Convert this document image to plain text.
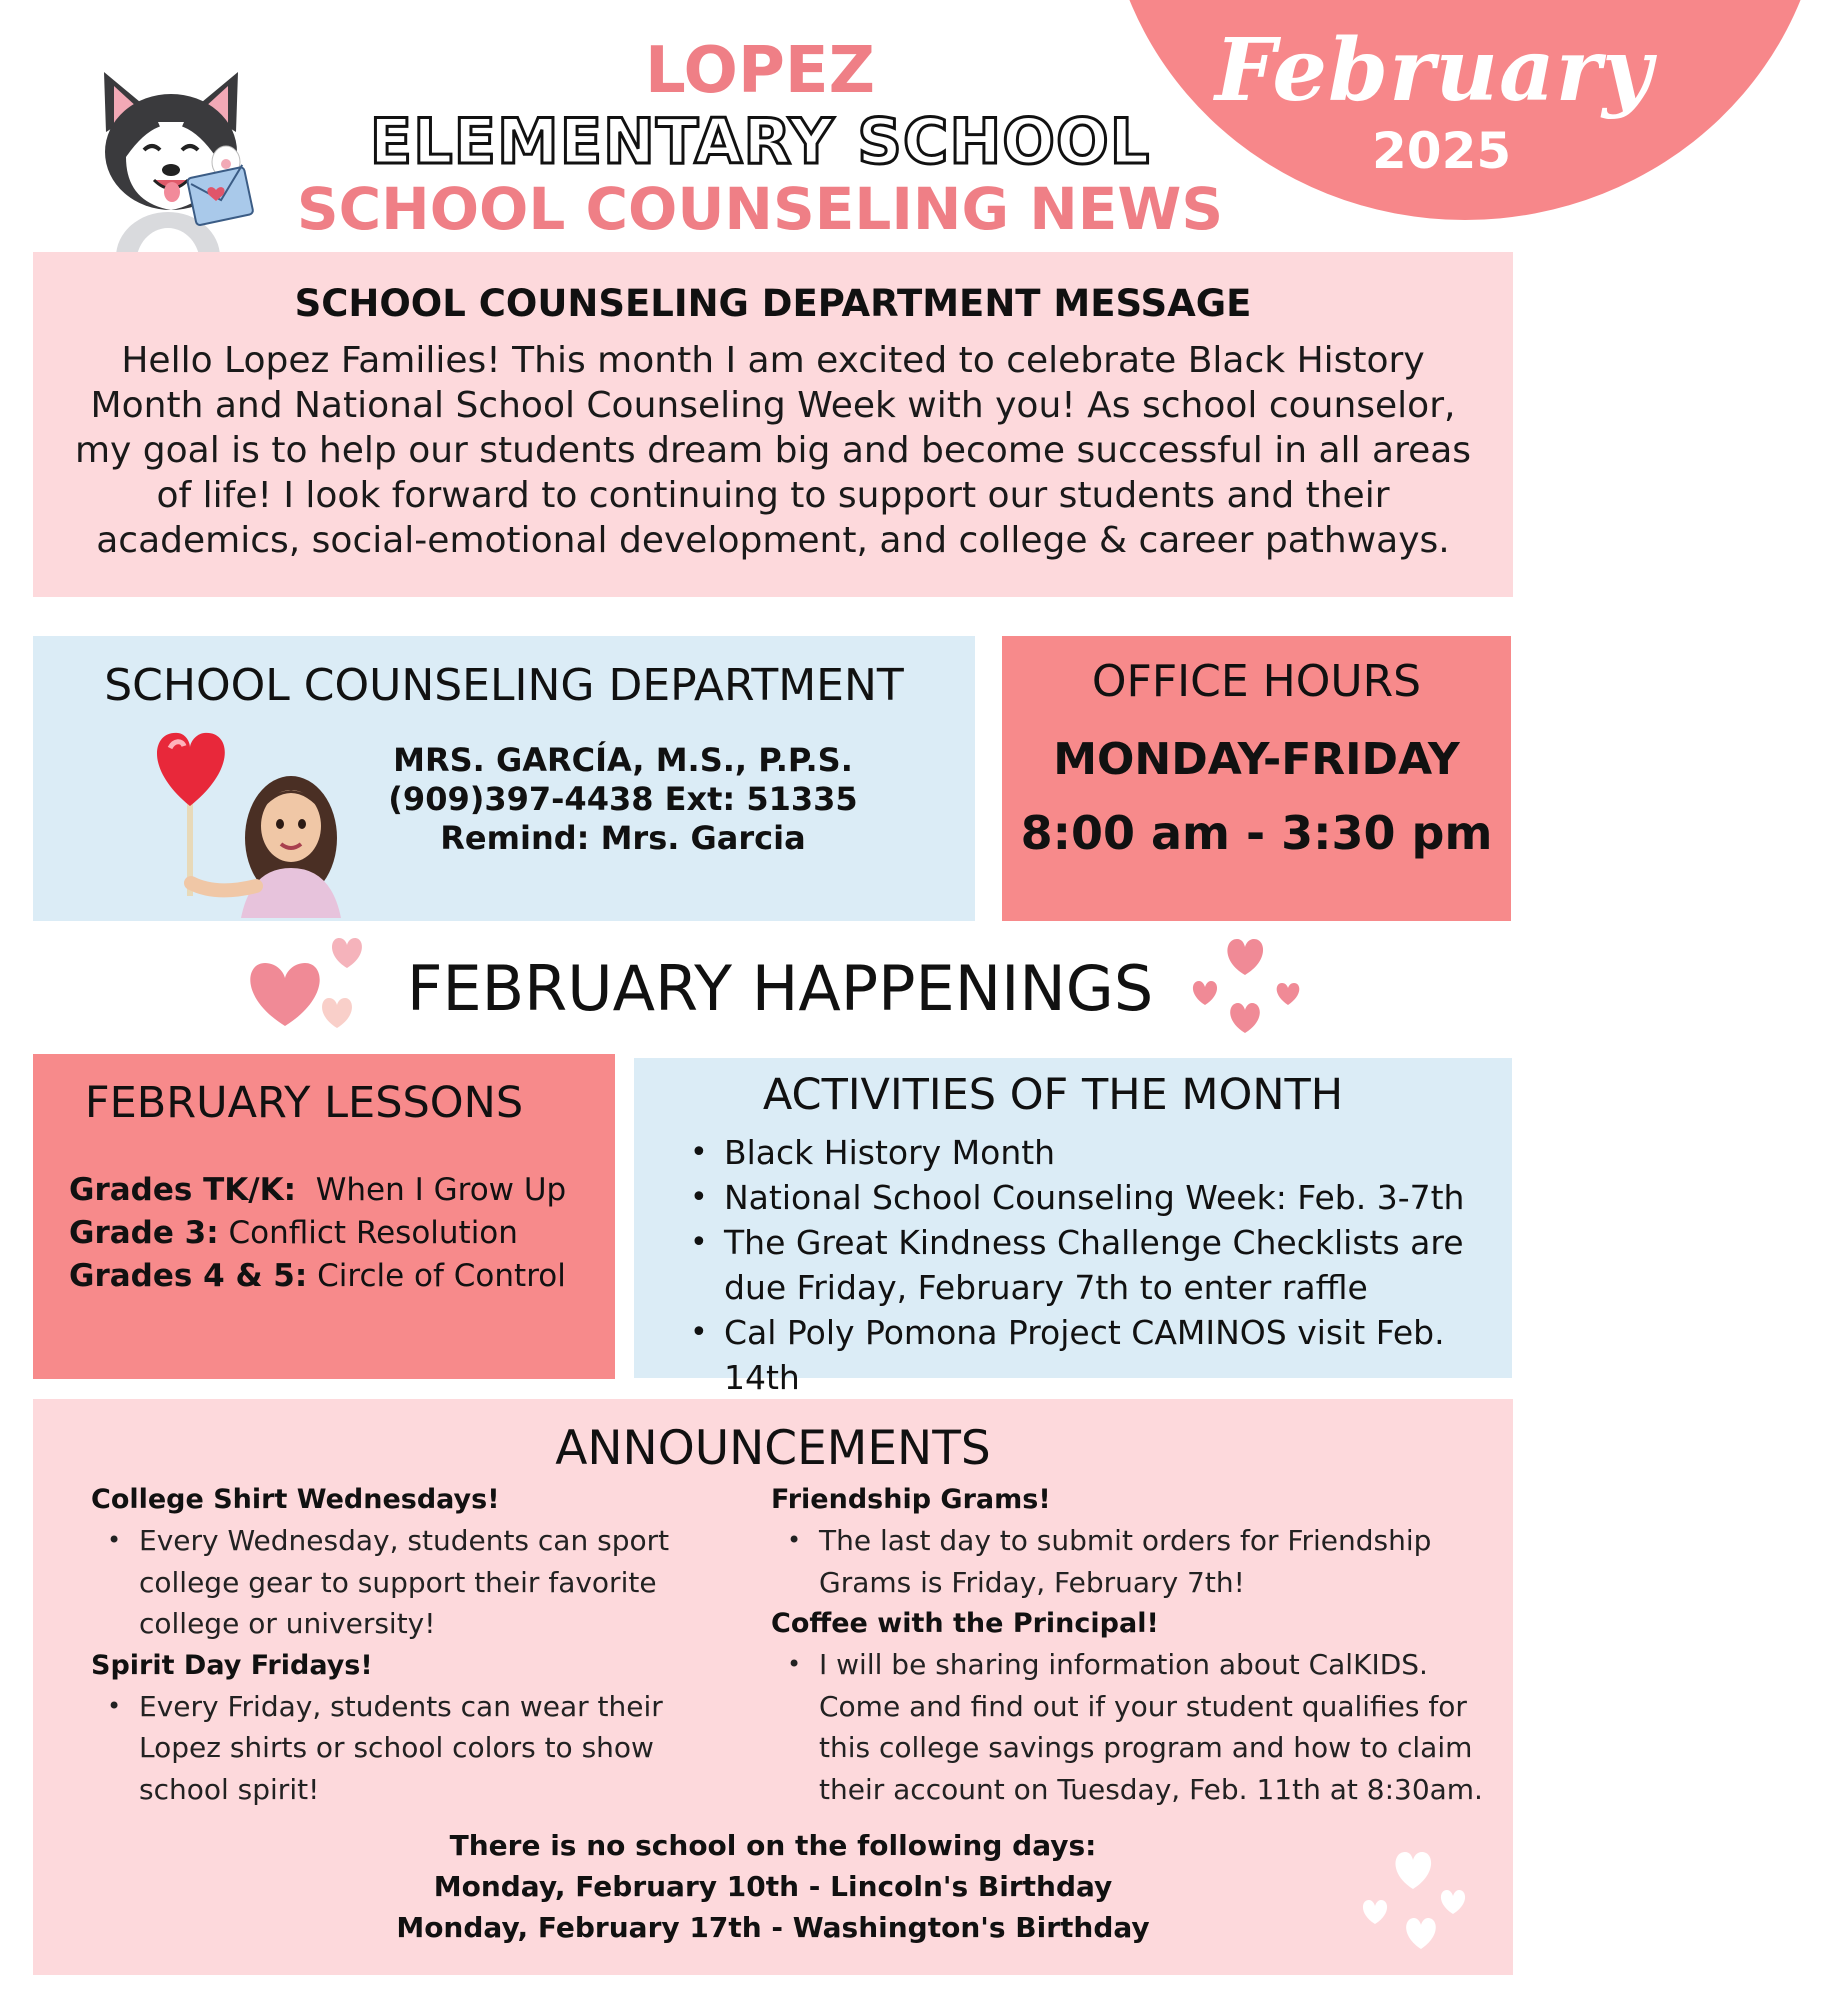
February
2025
LOPEZ
ELEMENTARY SCHOOL
SCHOOL COUNSELING NEWS
SCHOOL COUNSELING DEPARTMENT MESSAGE
Hello Lopez Families! This month I am excited to celebrate Black History Month and National School Counseling Week with you! As school counselor, my goal is to help our students dream big and become successful in all areas of life! I look forward to continuing to support our students and their academics, social-emotional development, and college & career pathways.
SCHOOL COUNSELING DEPARTMENT
MRS. GARCÍA, M.S., P.P.S.
(909)397-4438 Ext: 51335
Remind: Mrs. Garcia
OFFICE HOURS
MONDAY-FRIDAY
8:00 am - 3:30 pm
FEBRUARY HAPPENINGS
FEBRUARY LESSONS
Grades TK/K:  When I Grow Up
Grade 3: Conflict Resolution
Grades 4 & 5: Circle of Control
ACTIVITIES OF THE MONTH
• Black History Month
• National School Counseling Week: Feb. 3-7th
• The Great Kindness Challenge Checklists are due Friday, February 7th to enter raffle
• Cal Poly Pomona Project CAMINOS visit Feb. 14th
ANNOUNCEMENTS
College Shirt Wednesdays!
• Every Wednesday, students can sport college gear to support their favorite college or university!
Spirit Day Fridays!
• Every Friday, students can wear their Lopez shirts or school colors to show school spirit!
Friendship Grams!
• The last day to submit orders for Friendship Grams is Friday, February 7th!
Coffee with the Principal!
• I will be sharing information about CalKIDS. Come and find out if your student qualifies for this college savings program and how to claim their account on Tuesday, Feb. 11th at 8:30am.
There is no school on the following days:
Monday, February 10th - Lincoln's Birthday
Monday, February 17th - Washington's Birthday
